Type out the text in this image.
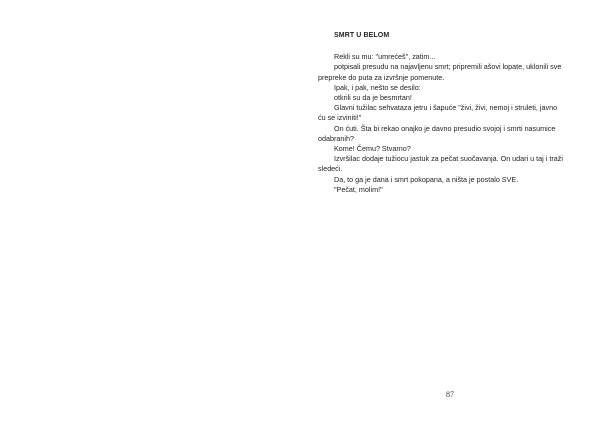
SMRT U BELOM

Rekli su mu: "umrećeš", zatim...

potpisali presudu na najavljenu smrt; pripremili ašovi lopate, uklonili sve prepreke do puta za izvršnje pomenute.

Ipak, i pak, nešto se desilo:

otkrili su da je besmrtan!

Glavni tužilac sehvataza jetru i šapuće "živi, živi, nemoj i struleti, javno ću se izviniti!"

On ćuti. Šta bi rekao onajko je davno presudio svojoj i smrti nasumice odabranih?

Kome! Čemu? Stvarno?

Izvršilac dodaje tužiocu jastuk za pečat suočavanja. On udari u taj i traži sledeći.

Da, to ga je dana i smrt pokopana, a ništa je postalo SVE.

"Pečat, molim!"

87
